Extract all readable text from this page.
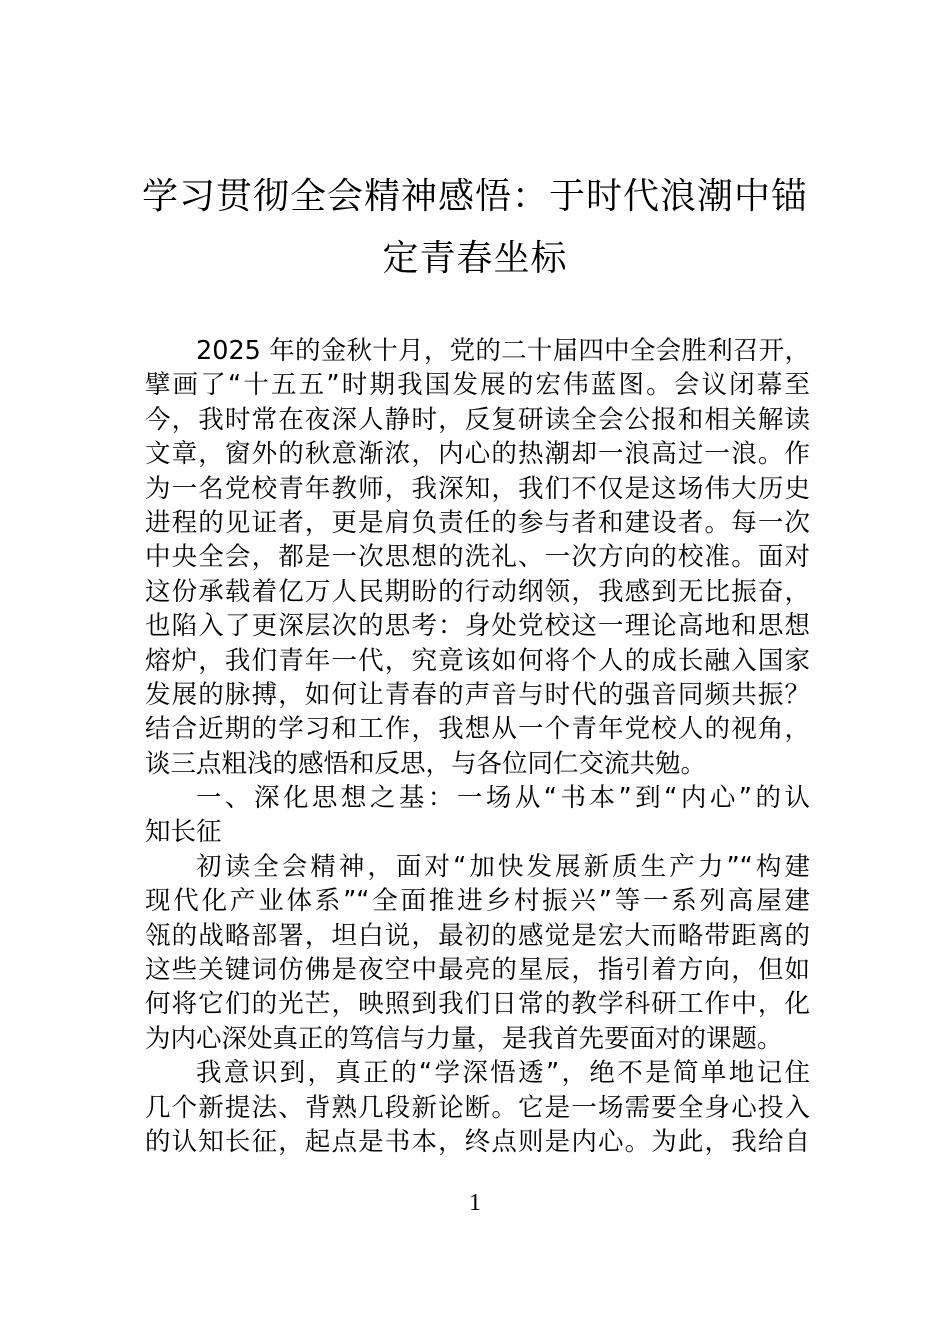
学习贯彻全会精神感悟：于时代浪潮中锚
定青春坐标
2025 年的金秋十月，党的二十届四中全会胜利召开，
擘画了“十五五”时期我国发展的宏伟蓝图。会议闭幕至
今，我时常在夜深人静时，反复研读全会公报和相关解读
文章，窗外的秋意渐浓，内心的热潮却一浪高过一浪。作
为一名党校青年教师，我深知，我们不仅是这场伟大历史
进程的见证者，更是肩负责任的参与者和建设者。每一次
中央全会，都是一次思想的洗礼、一次方向的校准。面对
这份承载着亿万人民期盼的行动纲领，我感到无比振奋，
也陷入了更深层次的思考：身处党校这一理论高地和思想
熔炉，我们青年一代，究竟该如何将个人的成长融入国家
发展的脉搏，如何让青春的声音与时代的强音同频共振？
结合近期的学习和工作，我想从一个青年党校人的视角，
谈三点粗浅的感悟和反思，与各位同仁交流共勉。
一、深化思想之基：一场从“书本”到“内心”的认
知长征
初读全会精神，面对“加快发展新质生产力”“构建
现代化产业体系”“全面推进乡村振兴”等一系列高屋建
瓴的战略部署，坦白说，最初的感觉是宏大而略带距离的
这些关键词仿佛是夜空中最亮的星辰，指引着方向，但如
何将它们的光芒，映照到我们日常的教学科研工作中，化
为内心深处真正的笃信与力量，是我首先要面对的课题。
我意识到，真正的“学深悟透”，绝不是简单地记住
几个新提法、背熟几段新论断。它是一场需要全身心投入
的认知长征，起点是书本，终点则是内心。为此，我给自
1
